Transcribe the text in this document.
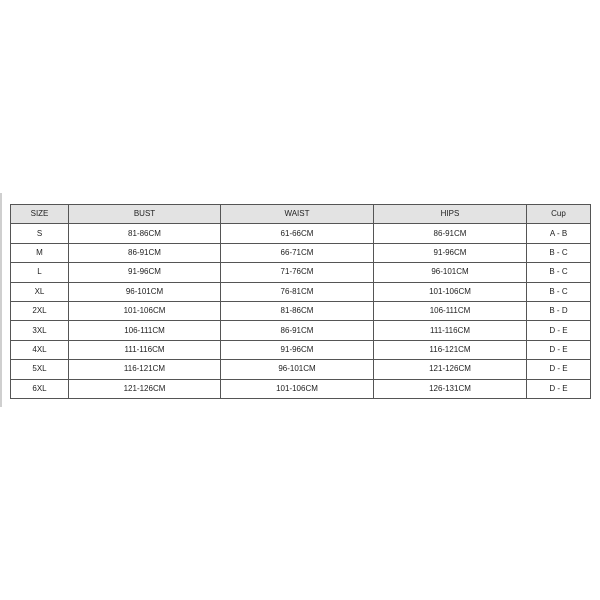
SIZE	BUST	WAIST	HIPS	Cup
S	81-86CM	61-66CM	86-91CM	A - B
M	86-91CM	66-71CM	91-96CM	B - C
L	91-96CM	71-76CM	96-101CM	B - C
XL	96-101CM	76-81CM	101-106CM	B - C
2XL	101-106CM	81-86CM	106-111CM	B - D
3XL	106-111CM	86-91CM	111-116CM	D - E
4XL	111-116CM	91-96CM	116-121CM	D - E
5XL	116-121CM	96-101CM	121-126CM	D - E
6XL	121-126CM	101-106CM	126-131CM	D - E
